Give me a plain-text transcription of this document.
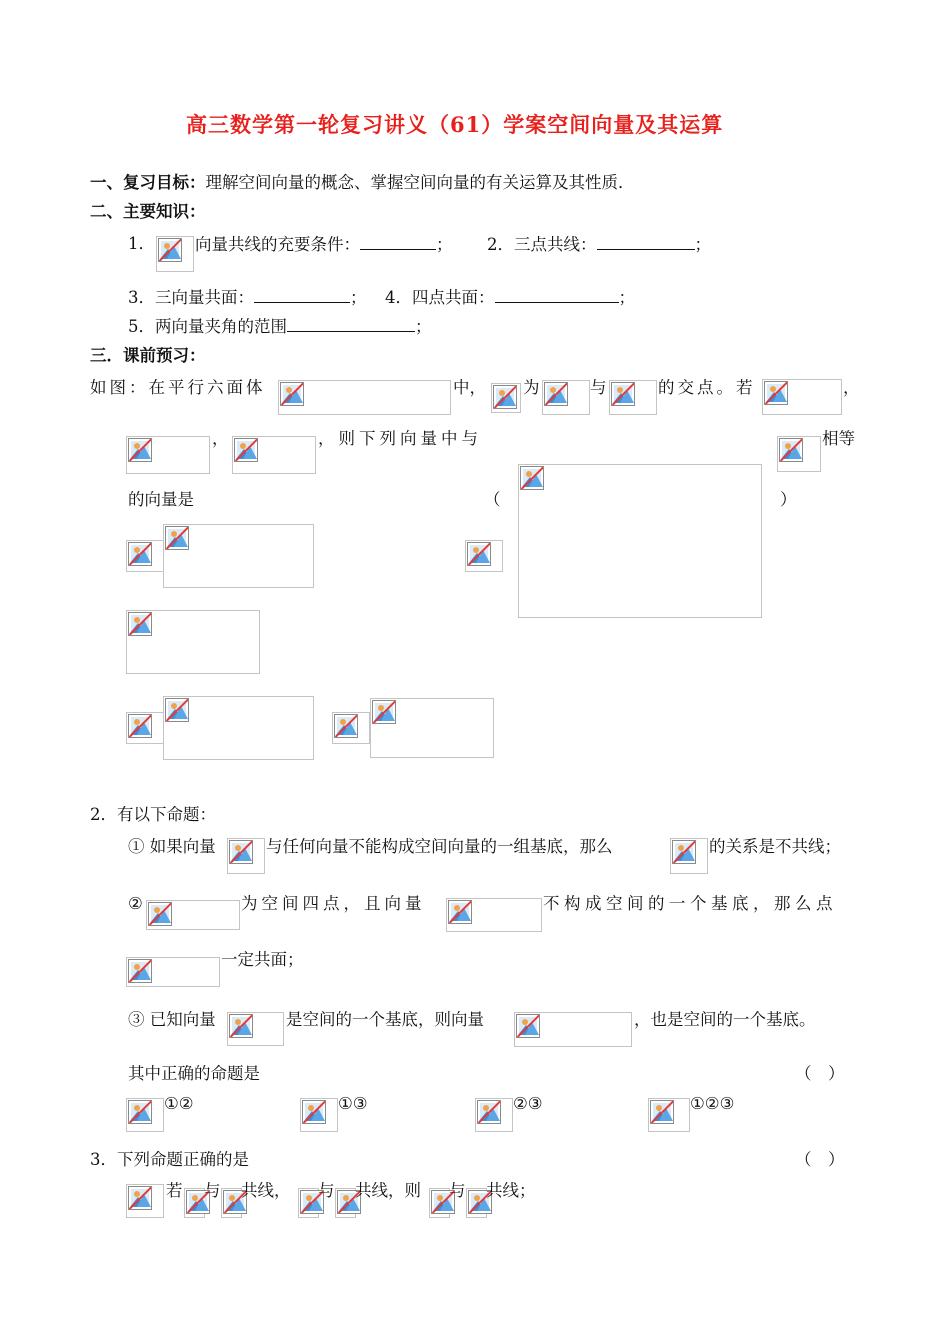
高三数学第一轮复习讲义（61）学案空间向量及其运算
一、复习目标：理解空间向量的概念、掌握空间向量的有关运算及其性质．
二、主要知识：
1． 向量共线的充要条件：	； 2．三点共线：	；
3．三向量共面：	； 4．四点共面：	；
5．两向量夹角的范围	；
三．课前预习：
如图：在平行六面体	中， 为	与	的交点。若	，
，	，则下列向量中与	相等
的向量是	（	）
2．有以下命题：
① 如果向量	与任何向量不能构成空间向量的一组基底，那么	的关系是不共线；
②	为空间四点，且向量	不构成空间的一个基底，那么点
一定共面；
③ 已知向量	是空间的一个基底，则向量	，也是空间的一个基底。
其中正确的命题是	（　）
①②	①③	②③	①②③
3．下列命题正确的是	（　）
若 与 共线， 与 共线，则 与 共线；
